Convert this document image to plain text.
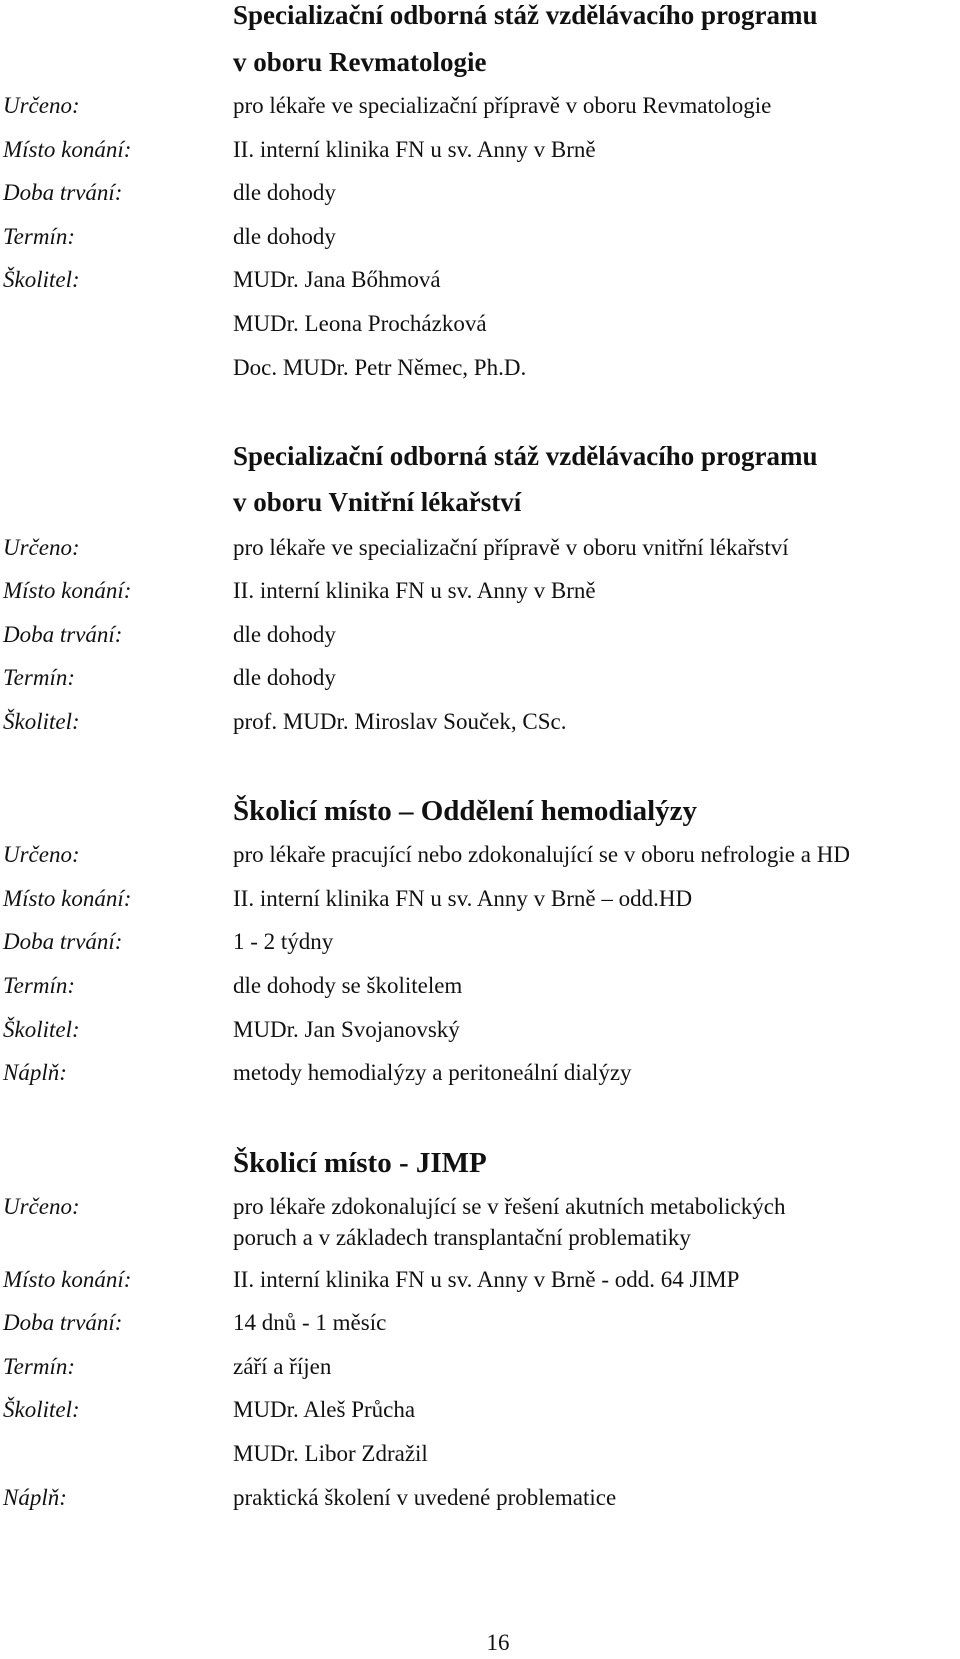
Specializační odborná stáž vzdělávacího programu
v oboru Revmatologie
Určeno:	pro lékaře ve specializační přípravě v oboru Revmatologie
Místo konání:	II. interní klinika FN u sv. Anny v Brně
Doba trvání:	dle dohody
Termín:	dle dohody
Školitel:	MUDr. Jana Bőhmová
MUDr. Leona Procházková
Doc. MUDr. Petr Němec, Ph.D.
Specializační odborná stáž vzdělávacího programu
v oboru Vnitřní lékařství
Určeno:	pro lékaře ve specializační přípravě v oboru vnitřní lékařství
Místo konání:	II. interní klinika FN u sv. Anny v Brně
Doba trvání:	dle dohody
Termín:	dle dohody
Školitel:	prof. MUDr. Miroslav Souček, CSc.
Školicí místo – Oddělení hemodialýzy
Určeno:	pro lékaře pracující nebo zdokonalující se v oboru nefrologie a HD
Místo konání:	II. interní klinika FN u sv. Anny v Brně – odd.HD
Doba trvání:	1 - 2 týdny
Termín:	dle dohody se školitelem
Školitel:	MUDr. Jan Svojanovský
Náplň:	metody hemodialýzy a peritoneální dialýzy
Školicí místo - JIMP
Určeno:	pro lékaře zdokonalující se v řešení akutních metabolických
poruch a v základech transplantační problematiky
Místo konání:	II. interní klinika FN u sv. Anny v Brně - odd. 64 JIMP
Doba trvání:	14 dnů - 1 měsíc
Termín:	září a říjen
Školitel:	MUDr. Aleš Průcha
MUDr. Libor Zdražil
Náplň:	praktická školení v uvedené problematice
16
